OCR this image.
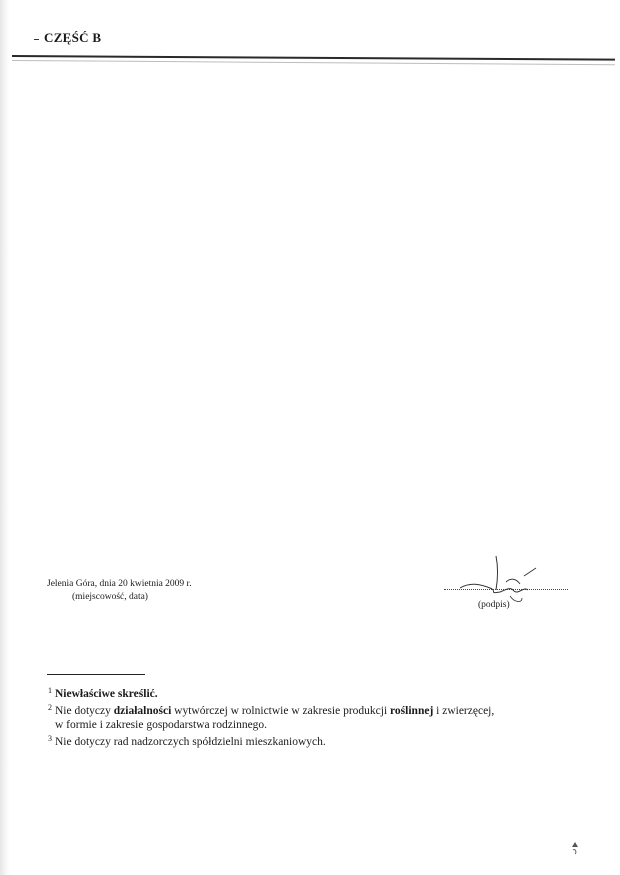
CZĘŚĆ B
Jelenia Góra, dnia 20 kwietnia 2009 r.
(miejscowość, data)
(podpis)
$^1$ Niewłaściwe skreślić.
$^2$ Nie dotyczy działalności wytwórczej w rolnictwie w zakresie produkcji roślinnej i zwierzęcej,
w formie i zakresie gospodarstwa rodzinnego.
$^3$ Nie dotyczy rad nadzorczych spółdzielni mieszkaniowych.
